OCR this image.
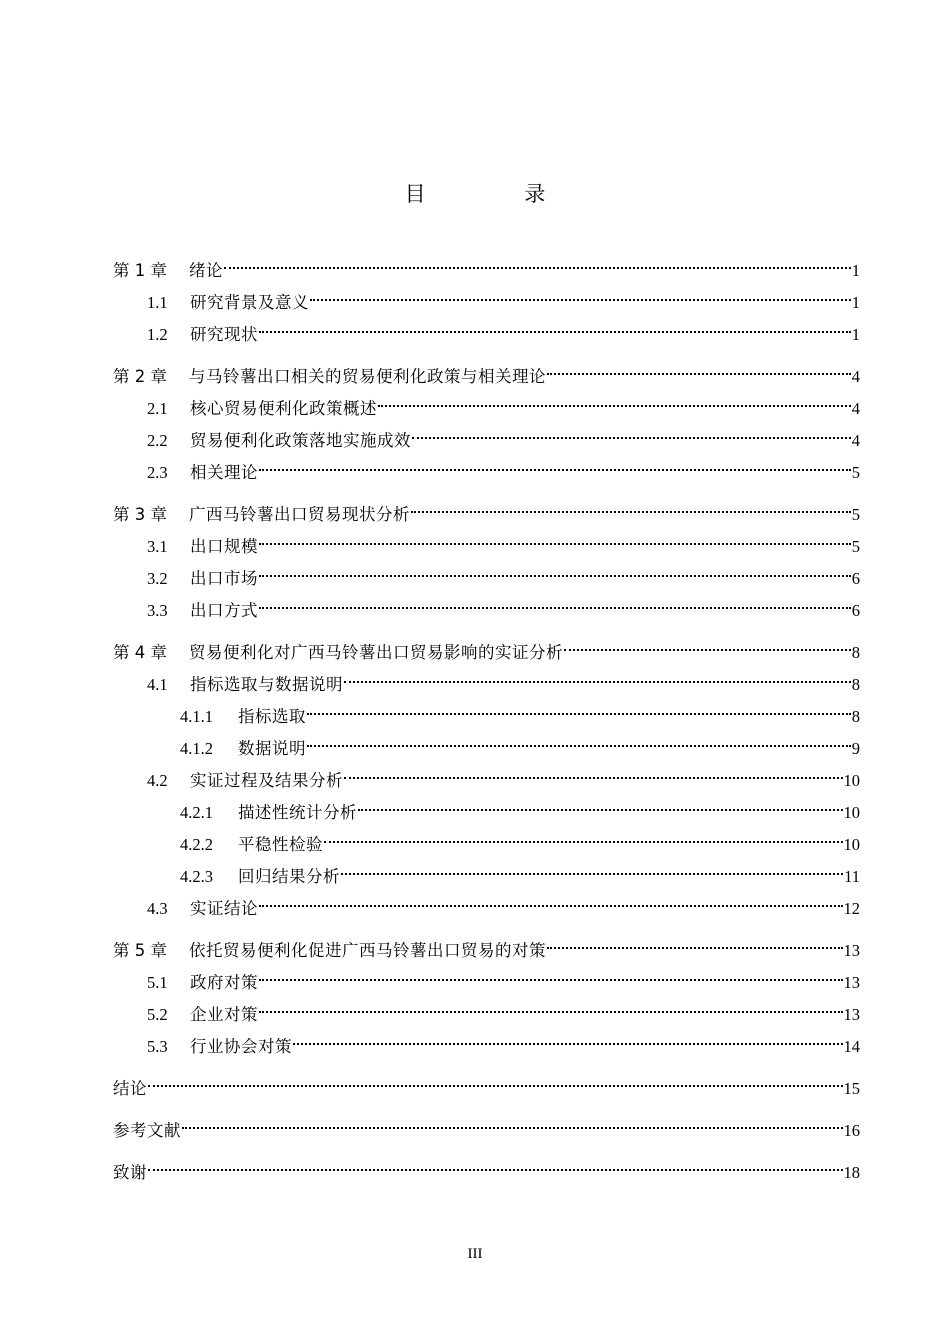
目 录
第 1 章	绪论	1
1.1	研究背景及意义	1
1.2	研究现状	1
第 2 章	与马铃薯出口相关的贸易便利化政策与相关理论	4
2.1	核心贸易便利化政策概述	4
2.2	贸易便利化政策落地实施成效	4
2.3	相关理论	5
第 3 章	广西马铃薯出口贸易现状分析	5
3.1	出口规模	5
3.2	出口市场	6
3.3	出口方式	6
第 4 章	贸易便利化对广西马铃薯出口贸易影响的实证分析	8
4.1	指标选取与数据说明	8
4.1.1	指标选取	8
4.1.2	数据说明	9
4.2	实证过程及结果分析	10
4.2.1	描述性统计分析	10
4.2.2	平稳性检验	10
4.2.3	回归结果分析	11
4.3	实证结论	12
第 5 章	依托贸易便利化促进广西马铃薯出口贸易的对策	13
5.1	政府对策	13
5.2	企业对策	13
5.3	行业协会对策	14
结论	15
参考文献	16
致谢	18
III
